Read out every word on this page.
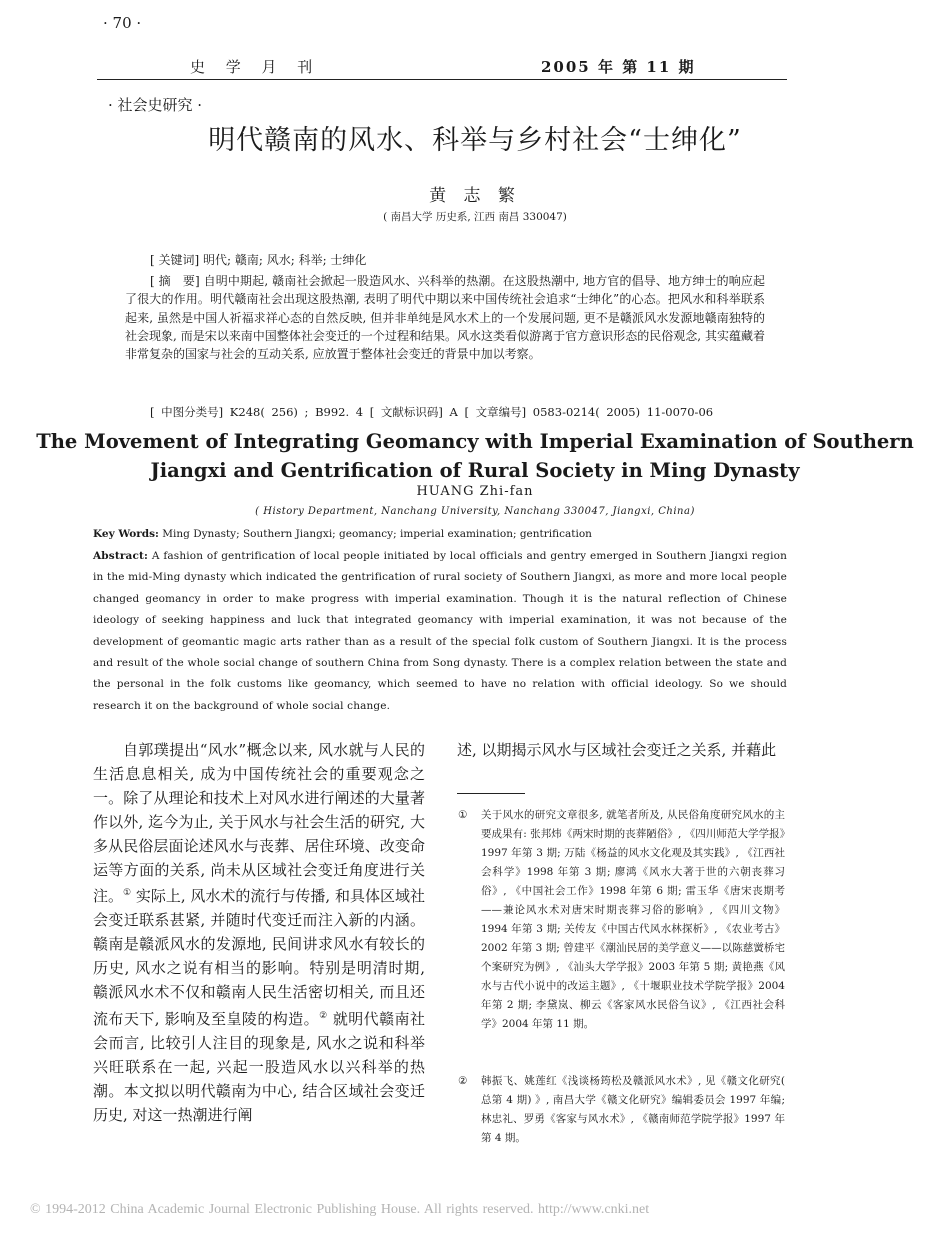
· 70 ·
史 学 月 刊	2005 年 第 11 期
· 社会史研究 ·
明代赣南的风水、科举与乡村社会“士绅化”
黄 志 繁
( 南昌大学 历史系, 江西 南昌 330047)
[ 关键词] 明代; 赣南; 风水; 科举; 士绅化
[ 摘　要] 自明中期起, 赣南社会掀起一股造风水、兴科举的热潮。在这股热潮中, 地方官的倡导、地方绅士的响应起了很大的作用。明代赣南社会出现这股热潮, 表明了明代中期以来中国传统社会追求“士绅化”的心态。把风水和科举联系起来, 虽然是中国人祈福求祥心态的自然反映, 但并非单纯是风水术上的一个发展问题, 更不是赣派风水发源地赣南独特的社会现象, 而是宋以来南中国整体社会变迁的一个过程和结果。风水这类看似游离于官方意识形态的民俗观念, 其实蕴藏着非常复杂的国家与社会的互动关系, 应放置于整体社会变迁的背景中加以考察。
[ 中图分类号] K248( 256) ; B992. 4 [ 文献标识码] A [ 文章编号] 0583-0214( 2005) 11-0070-06
The Movement of Integrating Geomancy with Imperial Examination of Southern Jiangxi and Gentrification of Rural Society in Ming Dynasty
HUANG Zhi-fan
( History Department, Nanchang University, Nanchang 330047, Jiangxi, China)
Key Words: Ming Dynasty; Southern Jiangxi; geomancy; imperial examination; gentrification
Abstract: A fashion of gentrification of local people initiated by local officials and gentry emerged in Southern Jiangxi region in the mid-Ming dynasty which indicated the gentrification of rural society of Southern Jiangxi, as more and more local people changed geomancy in order to make progress with imperial examination. Though it is the natural reflection of Chinese ideology of seeking happiness and luck that integrated geomancy with imperial examination, it was not because of the development of geomantic magic arts rather than as a result of the special folk custom of Southern Jiangxi. It is the process and result of the whole social change of southern China from Song dynasty. There is a complex relation between the state and the personal in the folk customs like geomancy, which seemed to have no relation with official ideology. So we should research it on the background of whole social change.
自郭璞提出“风水”概念以来, 风水就与人民的生活息息相关, 成为中国传统社会的重要观念之一。除了从理论和技术上对风水进行阐述的大量著作以外, 迄今为止, 关于风水与社会生活的研究, 大多从民俗层面论述风水与丧葬、居住环境、改变命运等方面的关系, 尚未从区域社会变迁角度进行关注。① 实际上, 风水术的流行与传播, 和具体区域社会变迁联系甚紧, 并随时代变迁而注入新的内涵。赣南是赣派风水的发源地, 民间讲求风水有较长的历史, 风水之说有相当的影响。特别是明清时期, 赣派风水术不仅和赣南人民生活密切相关, 而且还流布天下, 影响及至皇陵的构造。② 就明代赣南社会而言, 比较引人注目的现象是, 风水之说和科举兴旺联系在一起, 兴起一股造风水以兴科举的热潮。本文拟以明代赣南为中心, 结合区域社会变迁历史, 对这一热潮进行阐
述, 以期揭示风水与区域社会变迁之关系, 并藉此
① 关于风水的研究文章很多, 就笔者所及, 从民俗角度研究风水的主要成果有: 张邦炜《两宋时期的丧葬陋俗》, 《四川师范大学学报》1997 年第 3 期; 万陆《杨益的风水文化观及其实践》, 《江西社会科学》1998 年第 3 期; 廖鸿《风水大著于世的六朝丧葬习俗》, 《中国社会工作》1998 年第 6 期; 雷玉华《唐宋丧期考——兼论风水术对唐宋时期丧葬习俗的影响》, 《四川文物》1994 年第 3 期; 关传友《中国古代风水林探析》, 《农业考古》2002 年第 3 期; 曾建平《潮汕民居的美学意义——以陈慈黉桥宅个案研究为例》, 《汕头大学学报》2003 年第 5 期; 黄艳燕《风水与古代小说中的改运主题》, 《十堰职业技术学院学报》2004 年第 2 期; 李黛岚、柳云《客家风水民俗刍议》, 《江西社会科学》2004 年第 11 期。
② 韩振飞、姚莲红《浅谈杨筠松及赣派风水术》, 见《赣文化研究( 总第 4 期) 》, 南昌大学《赣文化研究》编辑委员会 1997 年编; 林忠礼、罗勇《客家与风水术》, 《赣南师范学院学报》1997 年第 4 期。
© 1994-2012 China Academic Journal Electronic Publishing House. All rights reserved. http://www.cnki.net
